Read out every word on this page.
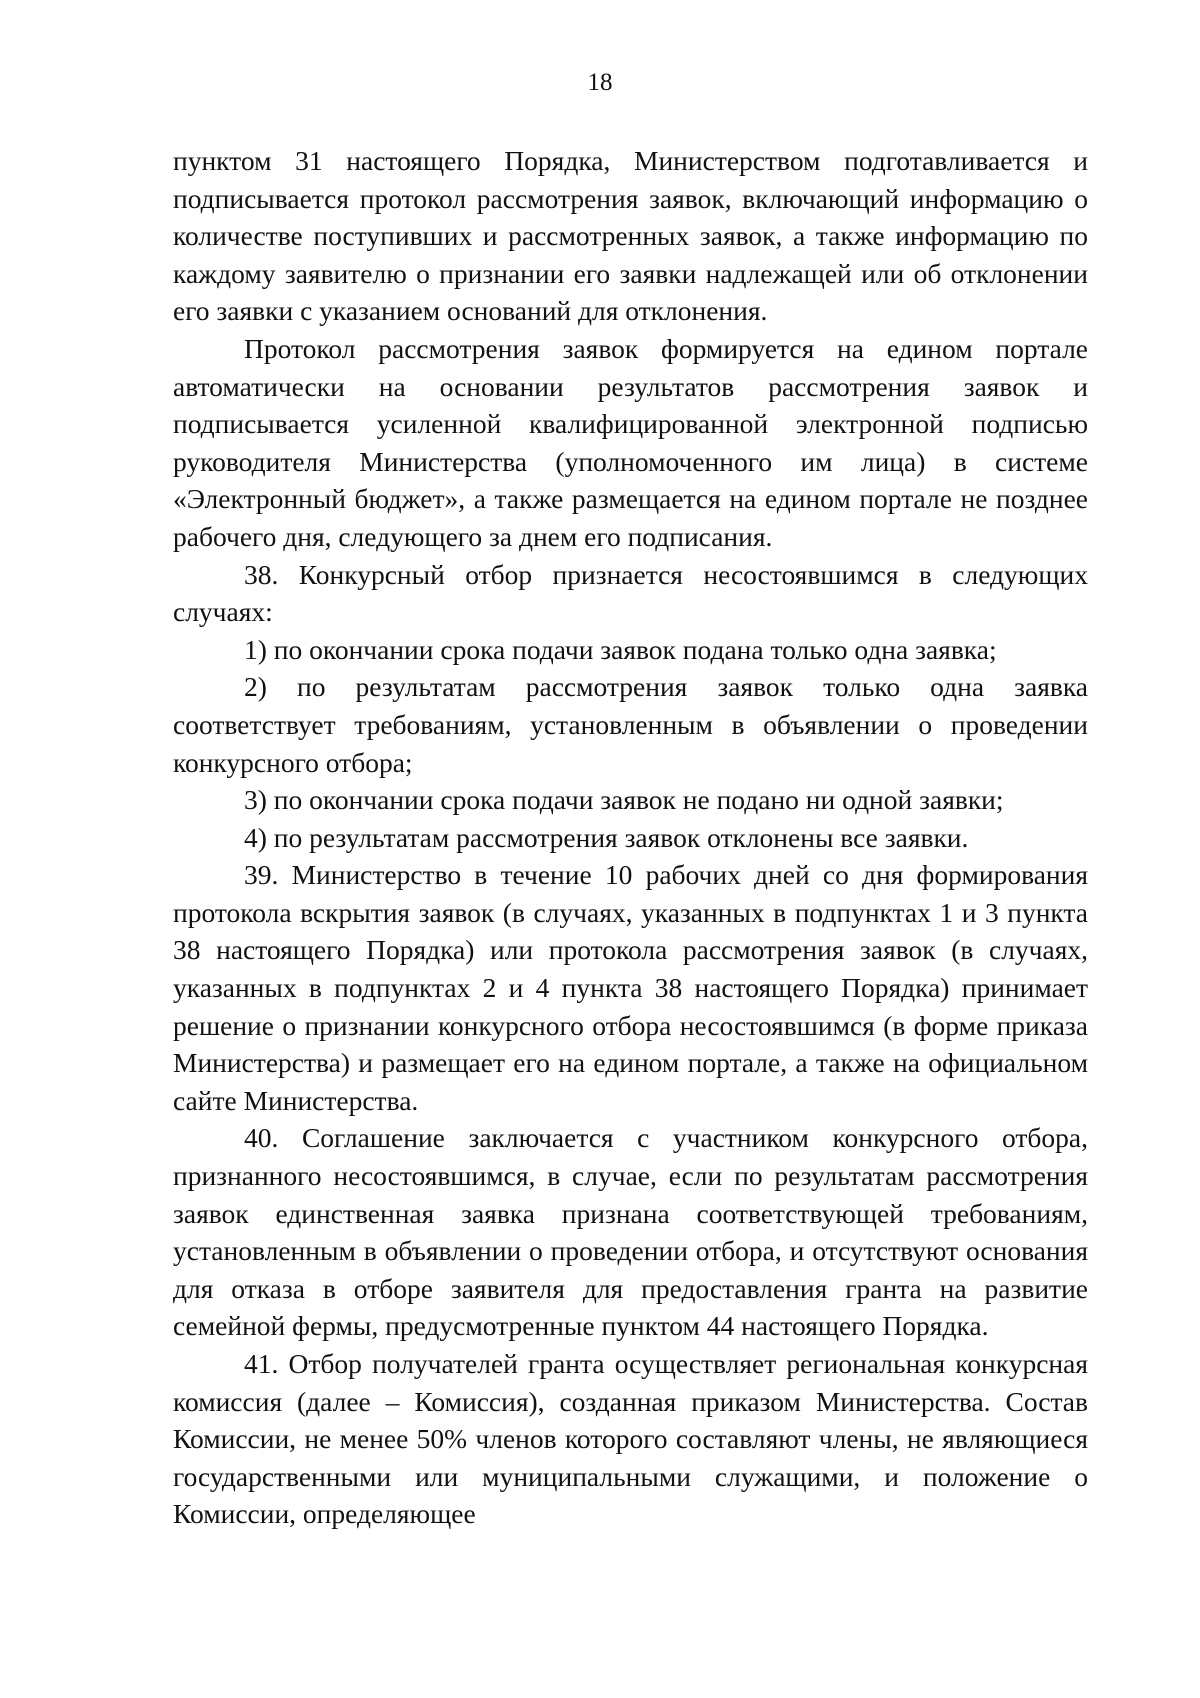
18

пунктом 31 настоящего Порядка, Министерством подготавливается и подписывается протокол рассмотрения заявок, включающий информацию о количестве поступивших и рассмотренных заявок, а также информацию по каждому заявителю о признании его заявки надлежащей или об отклонении его заявки с указанием оснований для отклонения.

Протокол рассмотрения заявок формируется на едином портале автоматически на основании результатов рассмотрения заявок и подписывается усиленной квалифицированной электронной подписью руководителя Министерства (уполномоченного им лица) в системе «Электронный бюджет», а также размещается на едином портале не позднее рабочего дня, следующего за днем его подписания.

38. Конкурсный отбор признается несостоявшимся в следующих случаях:

1) по окончании срока подачи заявок подана только одна заявка;

2) по результатам рассмотрения заявок только одна заявка соответствует требованиям, установленным в объявлении о проведении конкурсного отбора;

3) по окончании срока подачи заявок не подано ни одной заявки;

4) по результатам рассмотрения заявок отклонены все заявки.

39. Министерство в течение 10 рабочих дней со дня формирования протокола вскрытия заявок (в случаях, указанных в подпунктах 1 и 3 пункта 38 настоящего Порядка) или протокола рассмотрения заявок (в случаях, указанных в подпунктах 2 и 4 пункта 38 настоящего Порядка) принимает решение о признании конкурсного отбора несостоявшимся (в форме приказа Министерства) и размещает его на едином портале, а также на официальном сайте Министерства.

40. Соглашение заключается с участником конкурсного отбора, признанного несостоявшимся, в случае, если по результатам рассмотрения заявок единственная заявка признана соответствующей требованиям, установленным в объявлении о проведении отбора, и отсутствуют основания для отказа в отборе заявителя для предоставления гранта на развитие семейной фермы, предусмотренные пунктом 44 настоящего Порядка.

41. Отбор получателей гранта осуществляет региональная конкурсная комиссия (далее – Комиссия), созданная приказом Министерства. Состав Комиссии, не менее 50% членов которого составляют члены, не являющиеся государственными или муниципальными служащими, и положение о Комиссии, определяющее
